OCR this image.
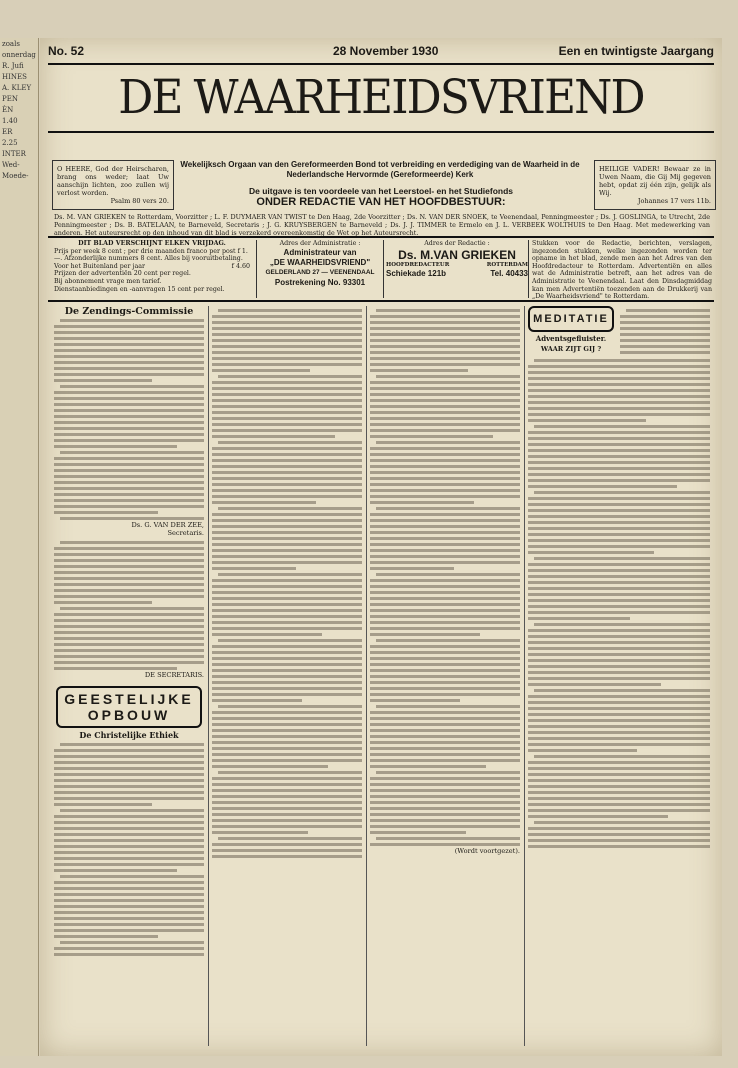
zoals
onnerdag
R. Jufi
HINES
A. KLEY
PEN
ÈN
1.40
ER
2.25
INTER
Wed-
Moede-
No. 52	28 November 1930	Een en twintigste Jaargang
DE WAARHEIDSVRIEND
O HEERE, God der Heirscharen, brang ons weder; laat Uw aanschijn lichten, zoo zullen wij verlost worden.
Psalm 80 vers 20.
HEILIGE VADER! Bewaar ze in Uwen Naam, die Gij Mij gegeven hebt, opdat zij één zijn, gelijk als Wij.
Johannes 17 vers 11b.
Wekelijksch Orgaan van den Gereformeerden Bond tot verbreiding en verdediging van de Waarheid in de Nederlandsche Hervormde (Gereformeerde) Kerk
De uitgave is ten voordeele van het Leerstoel- en het Studiefonds
ONDER REDACTIE VAN HET HOOFDBESTUUR:
Ds. M. VAN GRIEKEN te Rotterdam, Voorzitter ; L. F. DUYMAER VAN TWIST te Den Haag, 2de Voorzitter ; Ds. N. VAN DER SNOEK, te Veenendaal, Penningmeester ; Ds. J. GOSLINGA, te Utrecht, 2de Penningmeester ; Ds. B. BATELAAN, te Barneveld, Secretaris ; J. G. KRUYSBERGEN te Barneveld ; Ds. J. J. TIMMER te Ermelo en J. L. VERBEEK WOLTHUIS te Den Haag. Met medewerking van anderen. Het auteursrecht op den inhoud van dit blad is verzekerd overeenkomstig de Wet op het Auteursrecht.
DIT BLAD VERSCHIJNT ELKEN VRIJDAG.
Prijs per week 8 cent ; per drie maanden franco per post f 1.—. Afzonderlijke nummers 8 cent. Alles bij vooruitbetaling.
Voor het Buitenland per jaar	f 4.60
Prijzen der advertentiën 20 cent per regel.
Bij abonnement vrage men tarief.
Dienstaanbiedingen en -aanvragen 15 cent per regel.
Adres der Administratie :
Administrateur van
„DE WAARHEIDSVRIEND"
GELDERLAND 27 — VEENENDAAL
Postrekening No. 93301
Adres der Redactie :
Ds. M.VAN GRIEKEN
HOOFDREDACTEUR	ROTTERDAM
Schiekade 121b	Tel. 40433
Stukken voor de Redactie, berichten, verslagen, ingezonden stukken, welke ingezonden worden ter opname in het blad, zende men aan het Adres van den Hoofdredacteur te Rotterdam. Advertentiën en alles wat de Administratie betreft, aan het adres van de Administratie te Veenendaal. Laat den Dinsdagmiddag kan men Advertentiën toezenden aan de Drukkerij van „De Waarheidsvriend" te Rotterdam.
De Zendings-Commissie
Ds. G. VAN DER ZEE,
Secretaris.
DE SECRETARIS.
GEESTELIJKE OPBOUW
De Christelijke Ethiek
(Wordt voortgezet).
MEDITATIE
Adventsgefluister.
WAAR ZIJT GIJ ?
